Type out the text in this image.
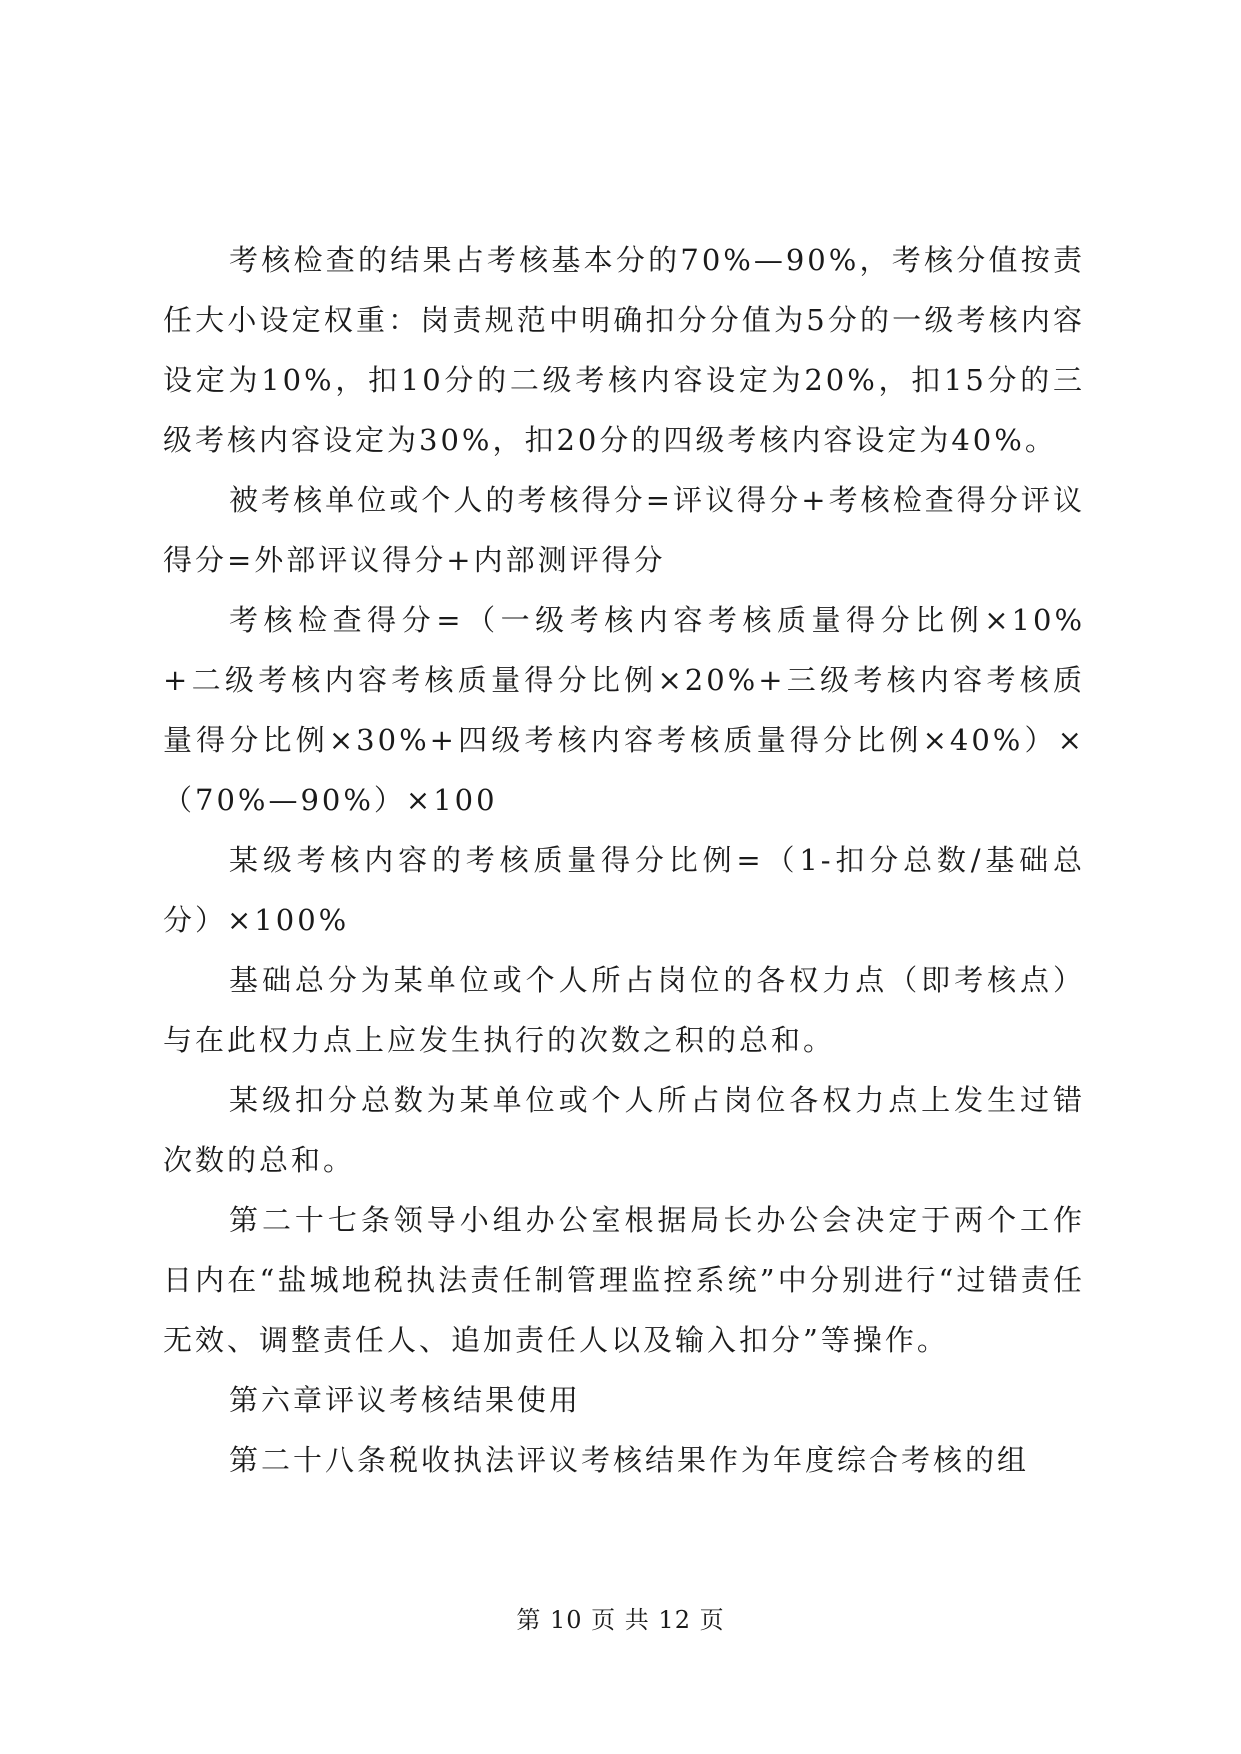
考核检查的结果占考核基本分的70%—90%，考核分值按责任大小设定权重：岗责规范中明确扣分分值为5分的一级考核内容设定为10%，扣10分的二级考核内容设定为20%，扣15分的三级考核内容设定为30%，扣20分的四级考核内容设定为40%。

被考核单位或个人的考核得分=评议得分+考核检查得分评议得分=外部评议得分+内部测评得分

考核检查得分=（一级考核内容考核质量得分比例×10%+二级考核内容考核质量得分比例×20%+三级考核内容考核质量得分比例×30%+四级考核内容考核质量得分比例×40%）×（70%—90%）×100

某级考核内容的考核质量得分比例=（1-扣分总数/基础总分）×100%

基础总分为某单位或个人所占岗位的各权力点（即考核点）与在此权力点上应发生执行的次数之积的总和。

某级扣分总数为某单位或个人所占岗位各权力点上发生过错次数的总和。

第二十七条领导小组办公室根据局长办公会决定于两个工作日内在“盐城地税执法责任制管理监控系统”中分别进行“过错责任无效、调整责任人、追加责任人以及输入扣分”等操作。

第六章评议考核结果使用

第二十八条税收执法评议考核结果作为年度综合考核的组

第 10 页 共 12 页
